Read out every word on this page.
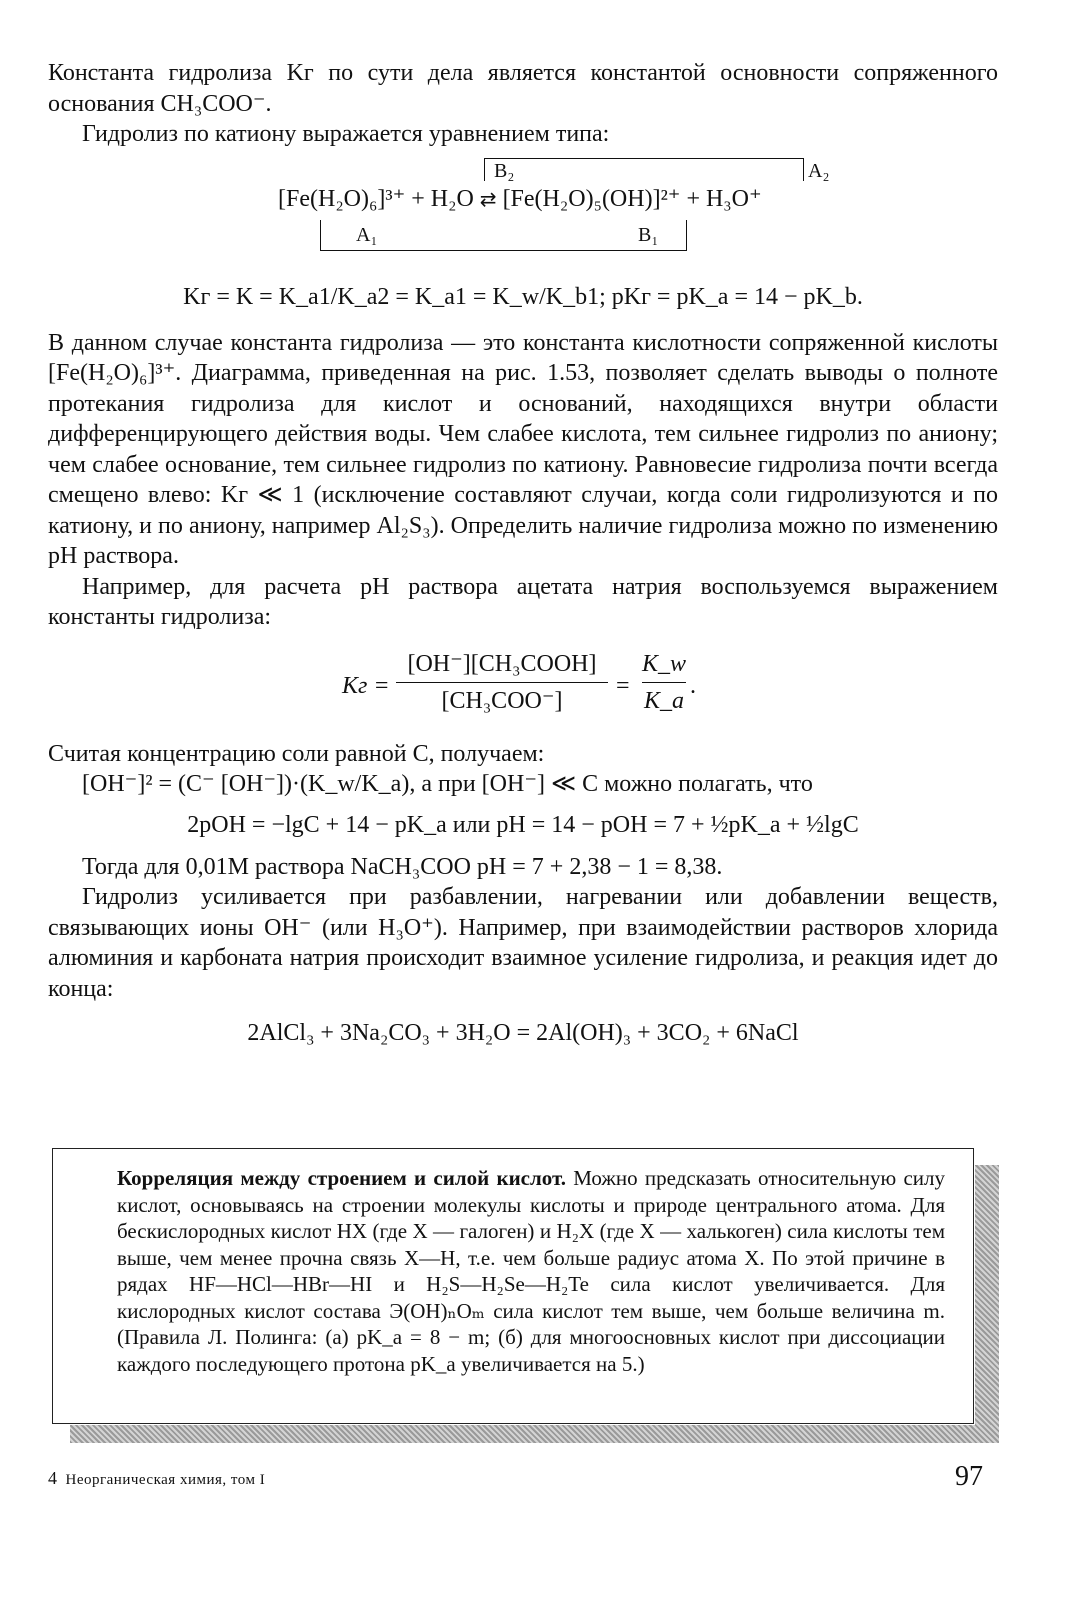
Константа гидролиза Kг по сути дела является константой основности сопряженного основания CH₃COO⁻.

Гидролиз по катиону выражается уравнением типа:

B₂	A₂
[Fe(H₂O)₆]³⁺ + H₂O ⇄ [Fe(H₂O)₅(OH)]²⁺ + H₃O⁺
A₁	B₁
Kг = K = K_a1/K_a2 = K_a1 = K_w/K_b1; pKг = pK_a = 14 − pK_b.

В данном случае константа гидролиза — это константа кислотности сопряженной кислоты [Fe(H₂O)₆]³⁺. Диаграмма, приведенная на рис. 1.53, позволяет сделать выводы о полноте протекания гидролиза для кислот и оснований, находящихся внутри области дифференцирующего действия воды. Чем слабее кислота, тем сильнее гидролиз по аниону; чем слабее основание, тем сильнее гидролиз по катиону. Равновесие гидролиза почти всегда смещено влево: Kг ≪ 1 (исключение составляют случаи, когда соли гидролизуются и по катиону, и по аниону, например Al₂S₃). Определить наличие гидролиза можно по изменению pH раствора.

Например, для расчета pH раствора ацетата натрия воспользуемся выражением константы гидролиза:

Kг =
[OH⁻][CH₃COOH]
[CH₃COO⁻]
=
K_w
K_a
.

Считая концентрацию соли равной C, получаем:

[OH⁻]² = (C⁻ [OH⁻])·(K_w/K_a), а при [OH⁻] ≪ C можно полагать, что

2pOH = −lgC + 14 − pK_a или pH = 14 − pOH = 7 + ½pK_a + ½lgC

Тогда для 0,01М раствора NaCH₃COO pH = 7 + 2,38 − 1 = 8,38.

Гидролиз усиливается при разбавлении, нагревании или добавлении веществ, связывающих ионы OH⁻ (или H₃O⁺). Например, при взаимодействии растворов хлорида алюминия и карбоната натрия происходит взаимное усиление гидролиза, и реакция идет до конца:

2AlCl₃ + 3Na₂CO₃ + 3H₂O = 2Al(OH)₃ + 3CO₂ + 6NaCl

Корреляция между строением и силой кислот. Можно предсказать относительную силу кислот, основываясь на строении молекулы кислоты и природе центрального атома. Для бескислородных кислот HX (где X — галоген) и H₂X (где X — халькоген) сила кислоты тем выше, чем менее прочна связь X—H, т.е. чем больше радиус атома X. По этой причине в рядах HF—HCl—HBr—HI и H₂S—H₂Se—H₂Te сила кислот увеличивается. Для кислородных кислот состава Э(OH)ₙOₘ сила кислот тем выше, чем больше величина m. (Правила Л. Полинга: (а) pK_a = 8 − m; (б) для многоосновных кислот при диссоциации каждого последующего протона pK_a увеличивается на 5.)

4 Неорганическая химия, том I	97
